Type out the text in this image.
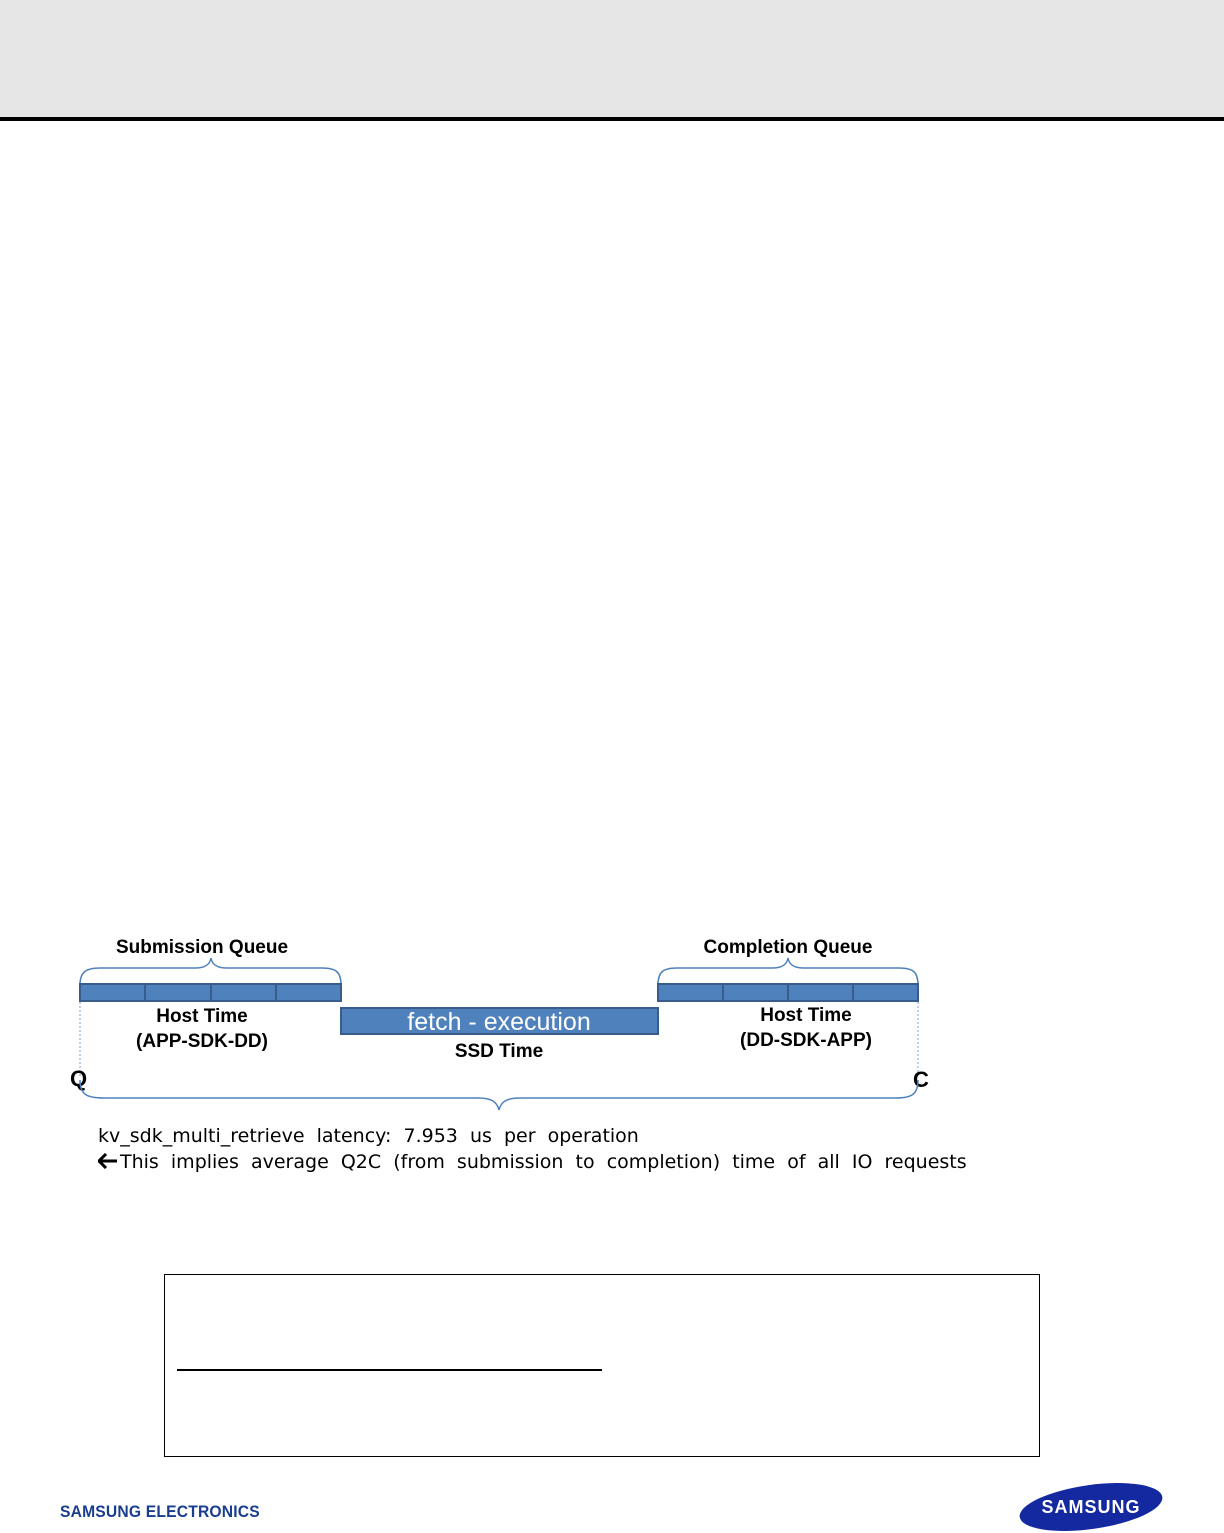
Submission Queue
Host Time
(APP-SDK-DD)
fetch - execution
SSD Time
Completion Queue
Host Time
(DD-SDK-APP)
Q	C
kv_sdk_multi_retrieve  latency:  7.953  us  per  operation
This  implies  average  Q2C  (from  submission  to  completion)  time  of  all  IO  requests
SAMSUNG ELECTRONICS	SAMSUNG
